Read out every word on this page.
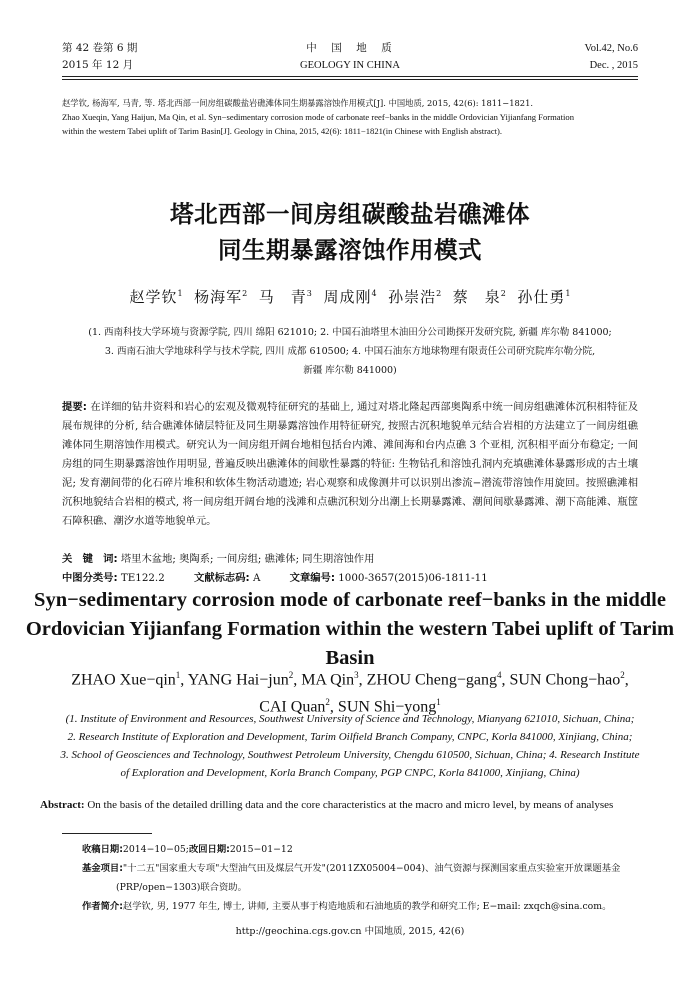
第 42 卷第 6 期
2015 年 12 月
中　国　地　质
GEOLOGY IN CHINA
Vol.42, No.6
Dec. , 2015
赵学钦, 杨海军, 马青, 等. 塔北西部一间房组碳酸盐岩礁滩体同生期暴露溶蚀作用模式[J]. 中国地质, 2015, 42(6): 1811−1821.
Zhao Xueqin, Yang Haijun, Ma Qin, et al. Syn−sedimentary corrosion mode of carbonate reef−banks in the middle Ordovician Yijianfang Formation
within the western Tabei uplift of Tarim Basin[J]. Geology in China, 2015, 42(6): 1811−1821(in Chinese with English abstract).
塔北西部一间房组碳酸盐岩礁滩体
同生期暴露溶蚀作用模式
赵学钦$^1$ 杨海军$^2$ 马　青$^3$ 周成刚$^4$ 孙崇浩$^2$ 蔡　泉$^2$ 孙仕勇$^1$
(1. 西南科技大学环境与资源学院, 四川 绵阳 621010; 2. 中国石油塔里木油田分公司勘探开发研究院, 新疆 库尔勒 841000;
3. 西南石油大学地球科学与技术学院, 四川 成都 610500; 4. 中国石油东方地球物理有限责任公司研究院库尔勒分院,
新疆 库尔勒 841000)
提要: 在详细的钻井资料和岩心的宏观及微观特征研究的基础上, 通过对塔北隆起西部奥陶系中统一间房组礁滩体沉积相特征及展布规律的分析, 结合礁滩体储层特征及同生期暴露溶蚀作用特征研究, 按照古沉积地貌单元结合岩相的方法建立了一间房组礁滩体同生期溶蚀作用模式。研究认为一间房组开阔台地相包括台内滩、滩间海和台内点礁 3 个亚相, 沉积相平面分布稳定; 一间房组的同生期暴露溶蚀作用明显, 普遍反映出礁滩体的间歇性暴露的特征: 生物钻孔和溶蚀孔洞内充填礁滩体暴露形成的古土壤泥; 发育潮间带的化石碎片堆积和软体生物活动遗迹; 岩心观察和成像测井可以识别出渗流−潜流带溶蚀作用旋回。按照礁滩相沉积地貌结合岩相的模式, 将一间房组开阔台地的浅滩和点礁沉积划分出潮上长期暴露滩、潮间间歇暴露滩、潮下高能滩、瓶筐石障积礁、潮汐水道等地貌单元。
关　键　词: 塔里木盆地; 奥陶系; 一间房组; 礁滩体; 同生期溶蚀作用
中图分类号: TE122.2	文献标志码: A	文章编号: 1000-3657(2015)06-1811-11
Syn−sedimentary corrosion mode of carbonate reef−banks in the middle
Ordovician Yijianfang Formation within the western Tabei uplift of Tarim Basin
ZHAO Xue−qin$^1$, YANG Hai−jun$^2$, MA Qin$^3$, ZHOU Cheng−gang$^4$, SUN Chong−hao$^2$,
CAI Quan$^2$, SUN Shi−yong$^1$
(1. Institute of Environment and Resources, Southwest University of Science and Technology, Mianyang 621010, Sichuan, China;
2. Research Institute of Exploration and Development, Tarim Oilfield Branch Company, CNPC, Korla 841000, Xinjiang, China;
3. School of Geosciences and Technology, Southwest Petroleum University, Chengdu 610500, Sichuan, China; 4. Research Institute
of Exploration and Development, Korla Branch Company, PGP CNPC, Korla 841000, Xinjiang, China)
Abstract: On the basis of the detailed drilling data and the core characteristics at the macro and micro level, by means of analyses
收稿日期:2014−10−05;改回日期:2015−01−12
基金项目:"十二五"国家重大专项"大型油气田及煤层气开发"(2011ZX05004−004)、油气资源与探测国家重点实验室开放课题基金
(PRP/open−1303)联合资助。
作者简介:赵学钦, 男, 1977 年生, 博士, 讲师, 主要从事于构造地质和石油地质的教学和研究工作; E−mail: zxqch@sina.com。
http://geochina.cgs.gov.cn 中国地质, 2015, 42(6)
